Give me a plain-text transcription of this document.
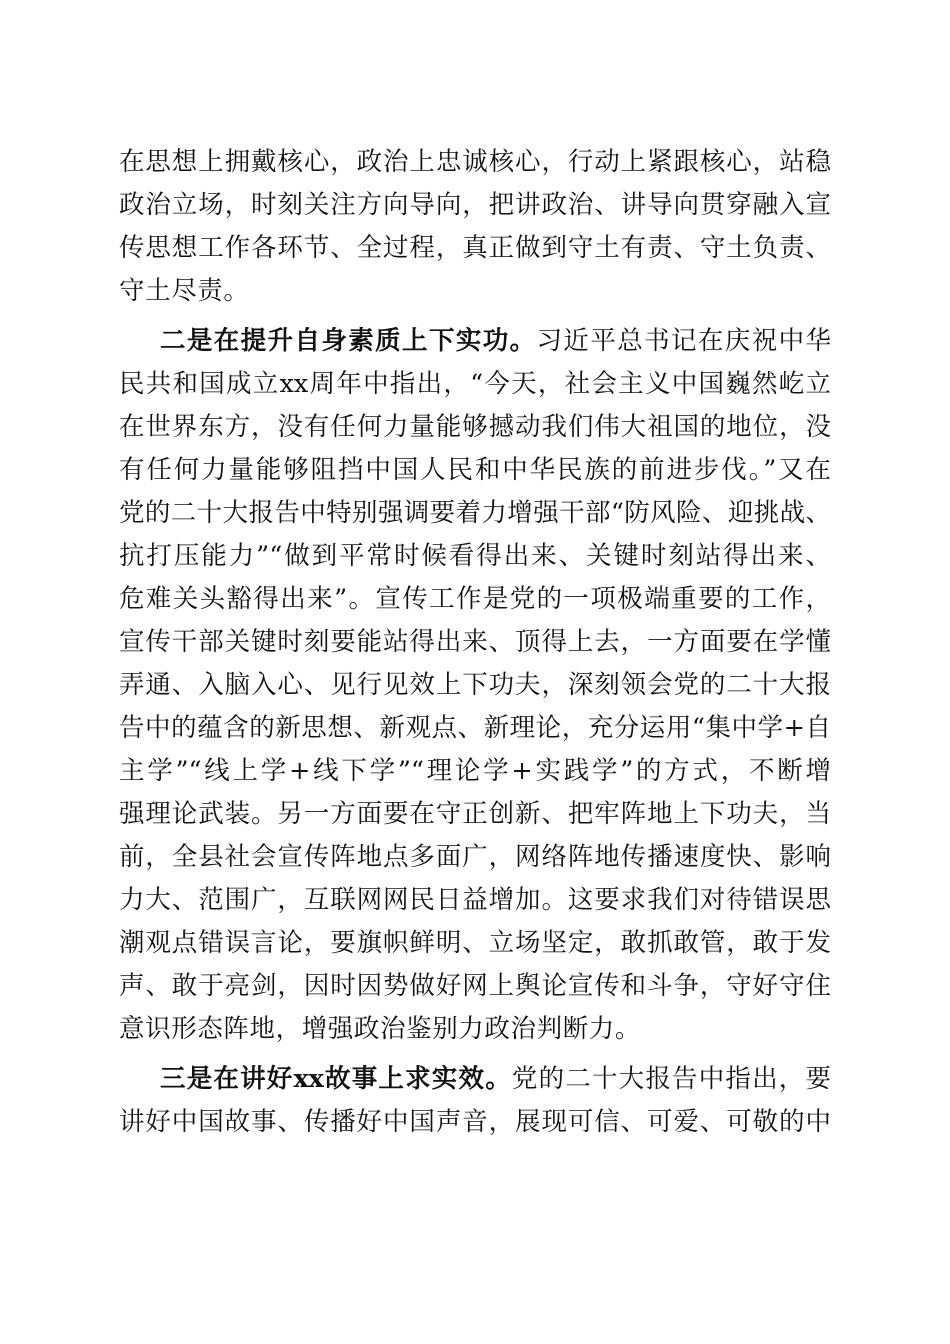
在思想上拥戴核心，政治上忠诚核心，行动上紧跟核心，站稳
政治立场，时刻关注方向导向，把讲政治、讲导向贯穿融入宣
传思想工作各环节、全过程，真正做到守土有责、守土负责、
守土尽责。
二是在提升自身素质上下实功。习近平总书记在庆祝中华
民共和国成立xx周年中指出，“今天，社会主义中国巍然屹立
在世界东方，没有任何力量能够撼动我们伟大祖国的地位，没
有任何力量能够阻挡中国人民和中华民族的前进步伐。”又在
党的二十大报告中特别强调要着力增强干部“防风险、迎挑战、
抗打压能力”“做到平常时候看得出来、关键时刻站得出来、
危难关头豁得出来”。宣传工作是党的一项极端重要的工作，
宣传干部关键时刻要能站得出来、顶得上去，一方面要在学懂
弄通、入脑入心、见行见效上下功夫，深刻领会党的二十大报
告中的蕴含的新思想、新观点、新理论，充分运用“集中学+自
主学”“线上学+线下学”“理论学+实践学”的方式，不断增
强理论武装。另一方面要在守正创新、把牢阵地上下功夫，当
前，全县社会宣传阵地点多面广，网络阵地传播速度快、影响
力大、范围广，互联网网民日益增加。这要求我们对待错误思
潮观点错误言论，要旗帜鲜明、立场坚定，敢抓敢管，敢于发
声、敢于亮剑，因时因势做好网上舆论宣传和斗争，守好守住
意识形态阵地，增强政治鉴别力政治判断力。
三是在讲好xx故事上求实效。党的二十大报告中指出，要
讲好中国故事、传播好中国声音，展现可信、可爱、可敬的中
